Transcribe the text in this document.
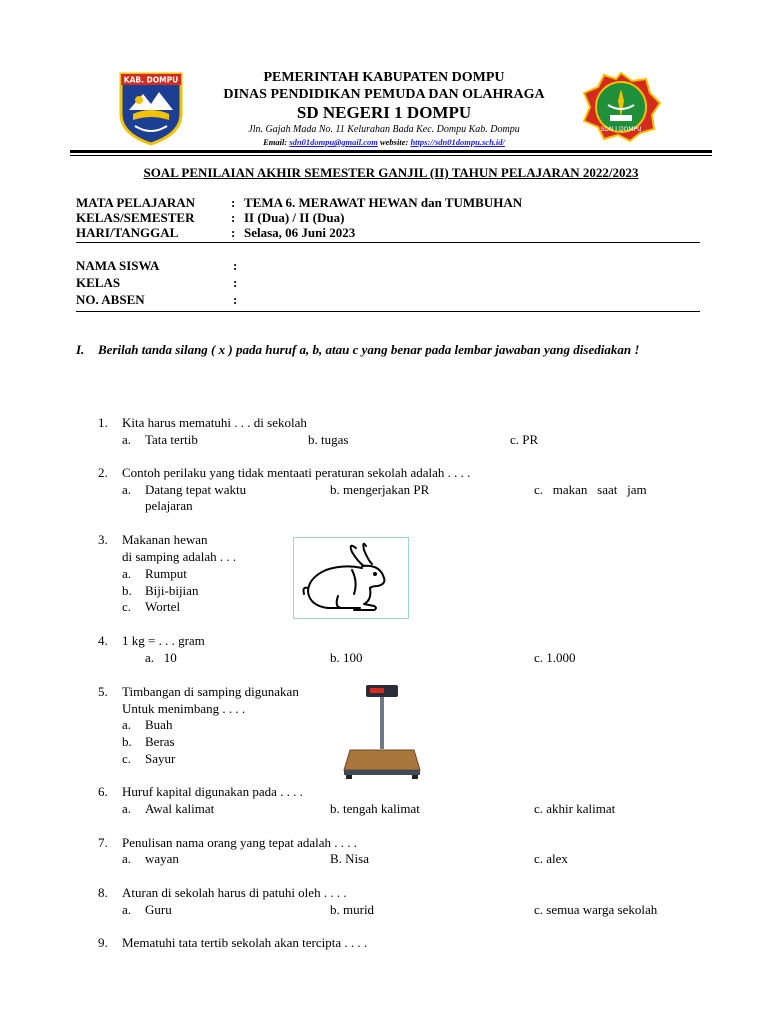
KAB. DOMPU
SDN I DOMPU
PEMERINTAH KABUPATEN DOMPU
DINAS PENDIDIKAN PEMUDA DAN OLAHRAGA
SD NEGERI 1 DOMPU
Jln. Gajah Mada No. 11 Kelurahan Bada Kec. Dompu Kab. Dompu
Email: sdn01dompu@gmail.com website: https://sdn01dompu.sch.id/
SOAL PENILAIAN AKHIR SEMESTER GANJIL (II) TAHUN PELAJARAN 2022/2023
MATA PELAJARAN	: TEMA 6. MERAWAT HEWAN dan TUMBUHAN
KELAS/SEMESTER	: II (Dua) / II (Dua)
HARI/TANGGAL	: Selasa, 06 Juni 2023
NAMA SISWA	:
KELAS	:
NO. ABSEN	:
I. Berilah tanda silang ( x ) pada huruf a, b, atau c yang benar pada lembar jawaban yang disediakan !
1. Kita harus mematuhi . . . di sekolah
a. Tata tertib	b. tugas	c. PR
2. Contoh perilaku yang tidak mentaati peraturan sekolah adalah . . . .
a. Datang tepat waktu	b. mengerjakan PR	c.   makan   saat   jam
pelajaran
3. Makanan hewan
di samping adalah . . .
a. Rumput
b. Biji-bijian
c. Wortel
4. 1 kg = . . . gram
a.   10	b. 100	c. 1.000
5. Timbangan di samping digunakan
Untuk menimbang . . . .
a. Buah
b. Beras
c. Sayur
6. Huruf kapital digunakan pada . . . .
a. Awal kalimat	b. tengah kalimat	c. akhir kalimat
7. Penulisan nama orang yang tepat adalah . . . .
a. wayan	B. Nisa	c. alex
8. Aturan di sekolah harus di patuhi oleh . . . .
a. Guru	b. murid	c. semua warga sekolah
9. Mematuhi tata tertib sekolah akan tercipta . . . .
